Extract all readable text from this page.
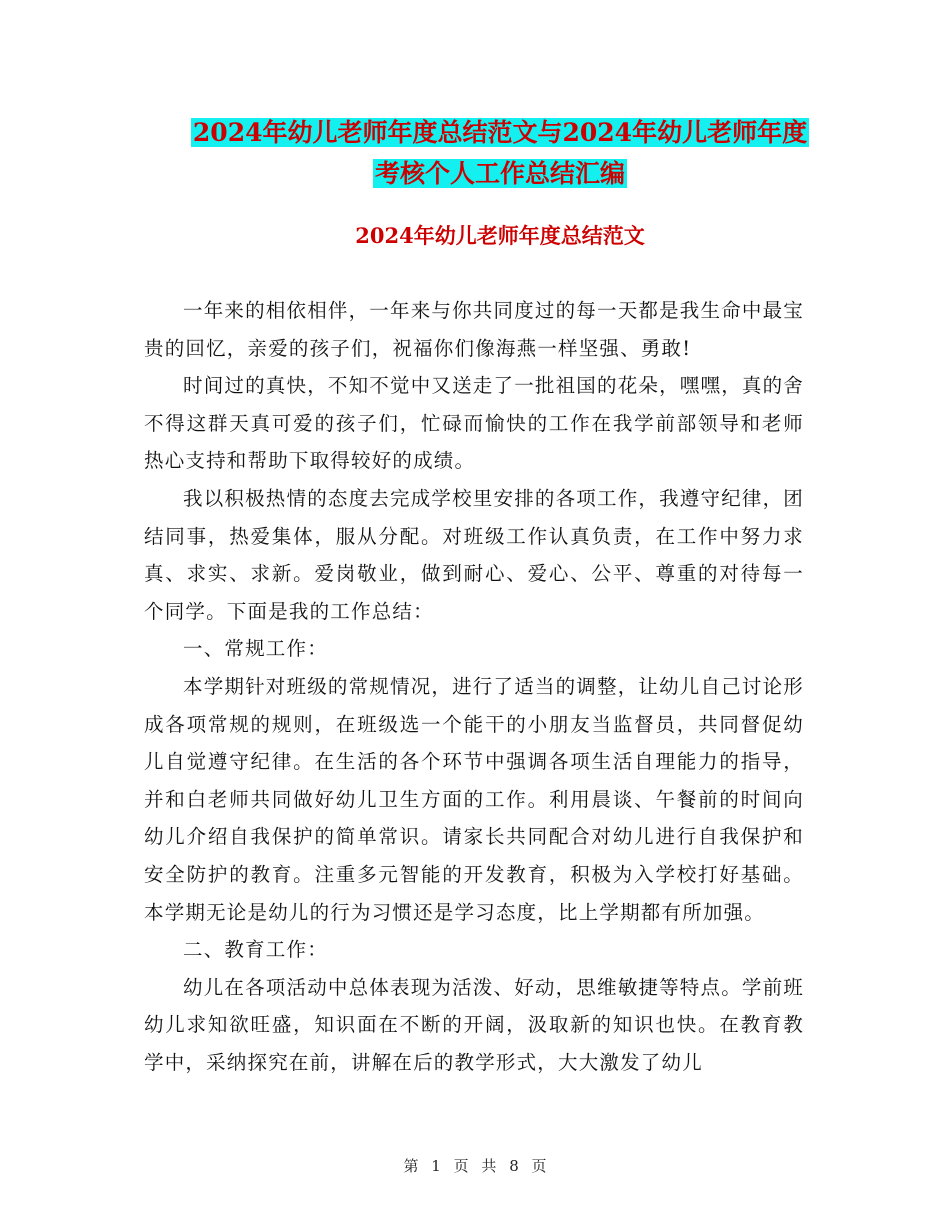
2024年幼儿老师年度总结范文与2024年幼儿老师年度
考核个人工作总结汇编
2024年幼儿老师年度总结范文

一年来的相依相伴，一年来与你共同度过的每一天都是我生命中最宝贵的回忆，亲爱的孩子们，祝福你们像海燕一样坚强、勇敢!

时间过的真快，不知不觉中又送走了一批祖国的花朵，嘿嘿，真的舍不得这群天真可爱的孩子们，忙碌而愉快的工作在我学前部领导和老师热心支持和帮助下取得较好的成绩。

我以积极热情的态度去完成学校里安排的各项工作，我遵守纪律，团结同事，热爱集体，服从分配。对班级工作认真负责，在工作中努力求真、求实、求新。爱岗敬业，做到耐心、爱心、公平、尊重的对待每一个同学。下面是我的工作总结：

一、常规工作：

本学期针对班级的常规情况，进行了适当的调整，让幼儿自己讨论形成各项常规的规则，在班级选一个能干的小朋友当监督员，共同督促幼儿自觉遵守纪律。在生活的各个环节中强调各项生活自理能力的指导，并和白老师共同做好幼儿卫生方面的工作。利用晨谈、午餐前的时间向幼儿介绍自我保护的简单常识。请家长共同配合对幼儿进行自我保护和安全防护的教育。注重多元智能的开发教育，积极为入学校打好基础。本学期无论是幼儿的行为习惯还是学习态度，比上学期都有所加强。

二、教育工作：

幼儿在各项活动中总体表现为活泼、好动，思维敏捷等特点。学前班幼儿求知欲旺盛，知识面在不断的开阔，汲取新的知识也快。在教育教学中，采纳探究在前，讲解在后的教学形式，大大激发了幼儿

第 1 页 共 8 页
